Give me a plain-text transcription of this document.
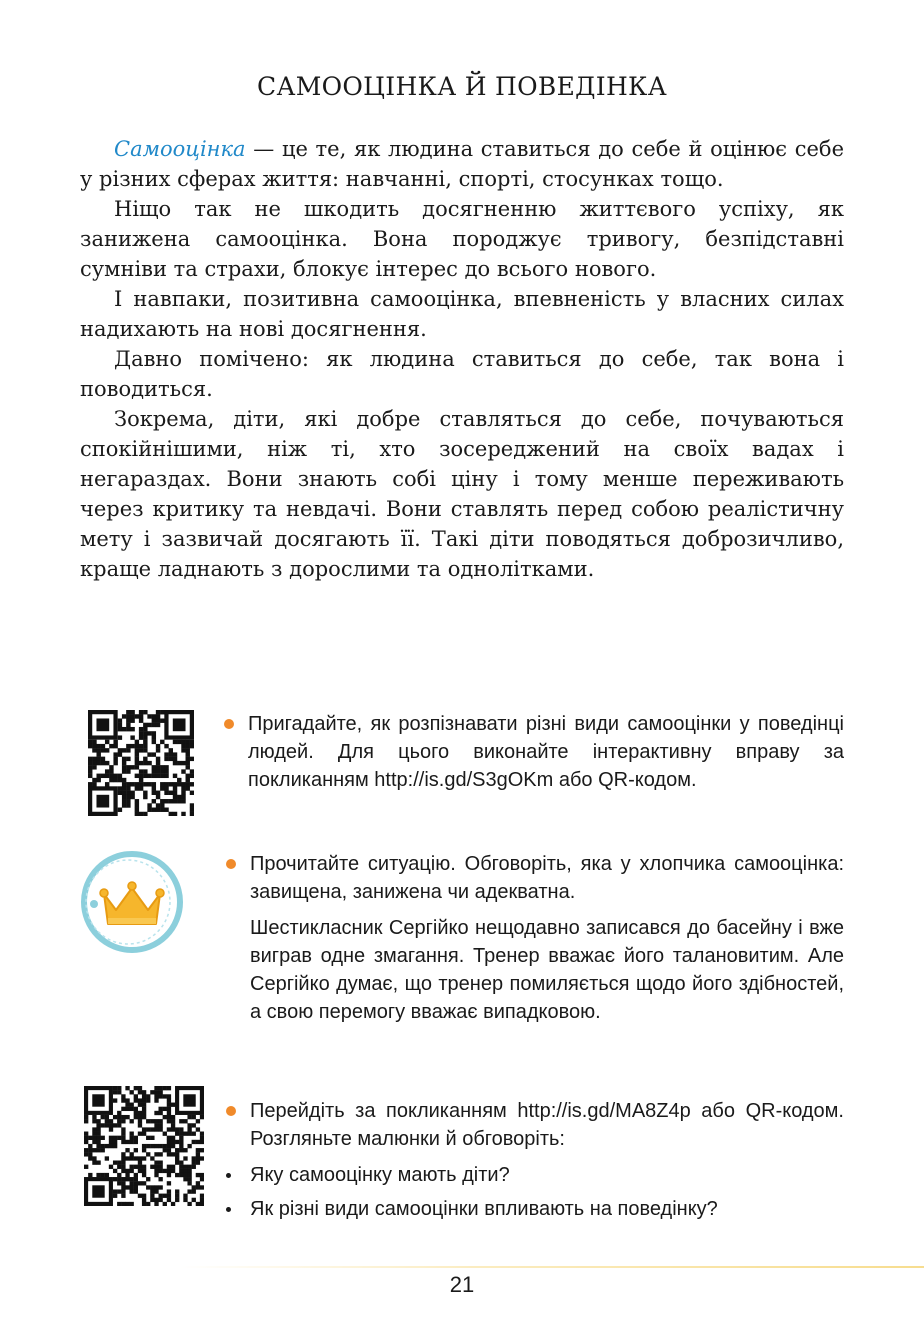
САМООЦІНКА Й ПОВЕДІНКА

Самооцінка — це те, як людина ставиться до себе й оцінює себе у різних сферах життя: навчанні, спорті, стосунках тощо.

Ніщо так не шкодить досягненню життєвого успіху, як занижена самооцінка. Вона породжує тривогу, безпідставні сумніви та страхи, блокує інтерес до всього нового.

І навпаки, позитивна самооцінка, впевненість у власних силах надихають на нові досягнення.

Давно помічено: як людина ставиться до себе, так вона і поводиться.

Зокрема, діти, які добре ставляться до себе, почуваються спокійнішими, ніж ті, хто зосереджений на своїх вадах і негараздах. Вони знають собі ціну і тому менше переживають через критику та невдачі. Вони ставлять перед собою реалістичну мету і зазвичай досягають її. Такі діти поводяться доброзичливо, краще ладнають з дорослими та однолітками.

Пригадайте, як розпізнавати різні види самооцінки у поведінці людей. Для цього виконайте інтерактивну вправу за покликанням http://is.gd/S3gOKm або QR-кодом.
Прочитайте ситуацію. Обговоріть, яка у хлопчика самооцінка: завищена, занижена чи адекватна.
Шестикласник Сергійко нещодавно записався до басейну і вже виграв одне змагання. Тренер вважає його талановитим. Але Сергійко думає, що тренер помиляється щодо його здібностей, а свою перемогу вважає випадковою.
Перейдіть за покликанням http://is.gd/MA8Z4p або QR-кодом. Розгляньте малюнки й обговоріть:
Яку самооцінку мають діти?
Як різні види самооцінки впливають на поведінку?
21
